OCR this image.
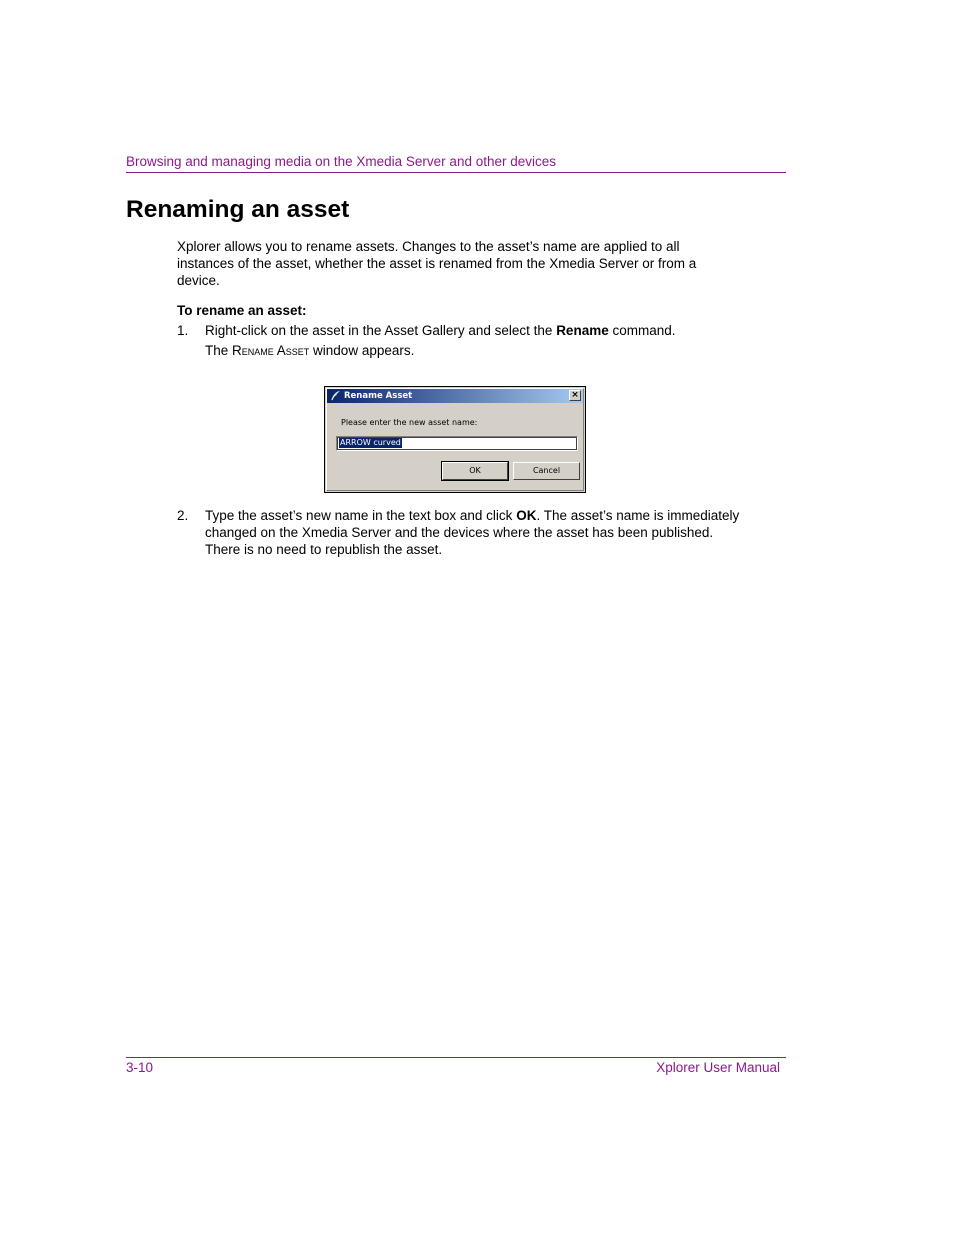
Browsing and managing media on the Xmedia Server and other devices
Renaming an asset

Xplorer allows you to rename assets. Changes to the asset’s name are applied to all instances of the asset, whether the asset is renamed from the Xmedia Server or from a device.

To rename an asset:
1. Right-click on the asset in the Asset Gallery and select the Rename command.
The Rename Asset window appears.
Rename Asset	×
Please enter the new asset name:
ARROW curved
OK	Cancel
2. Type the asset’s new name in the text box and click OK. The asset’s name is immediately changed on the Xmedia Server and the devices where the asset has been published. There is no need to republish the asset.
3-10	Xplorer User Manual
